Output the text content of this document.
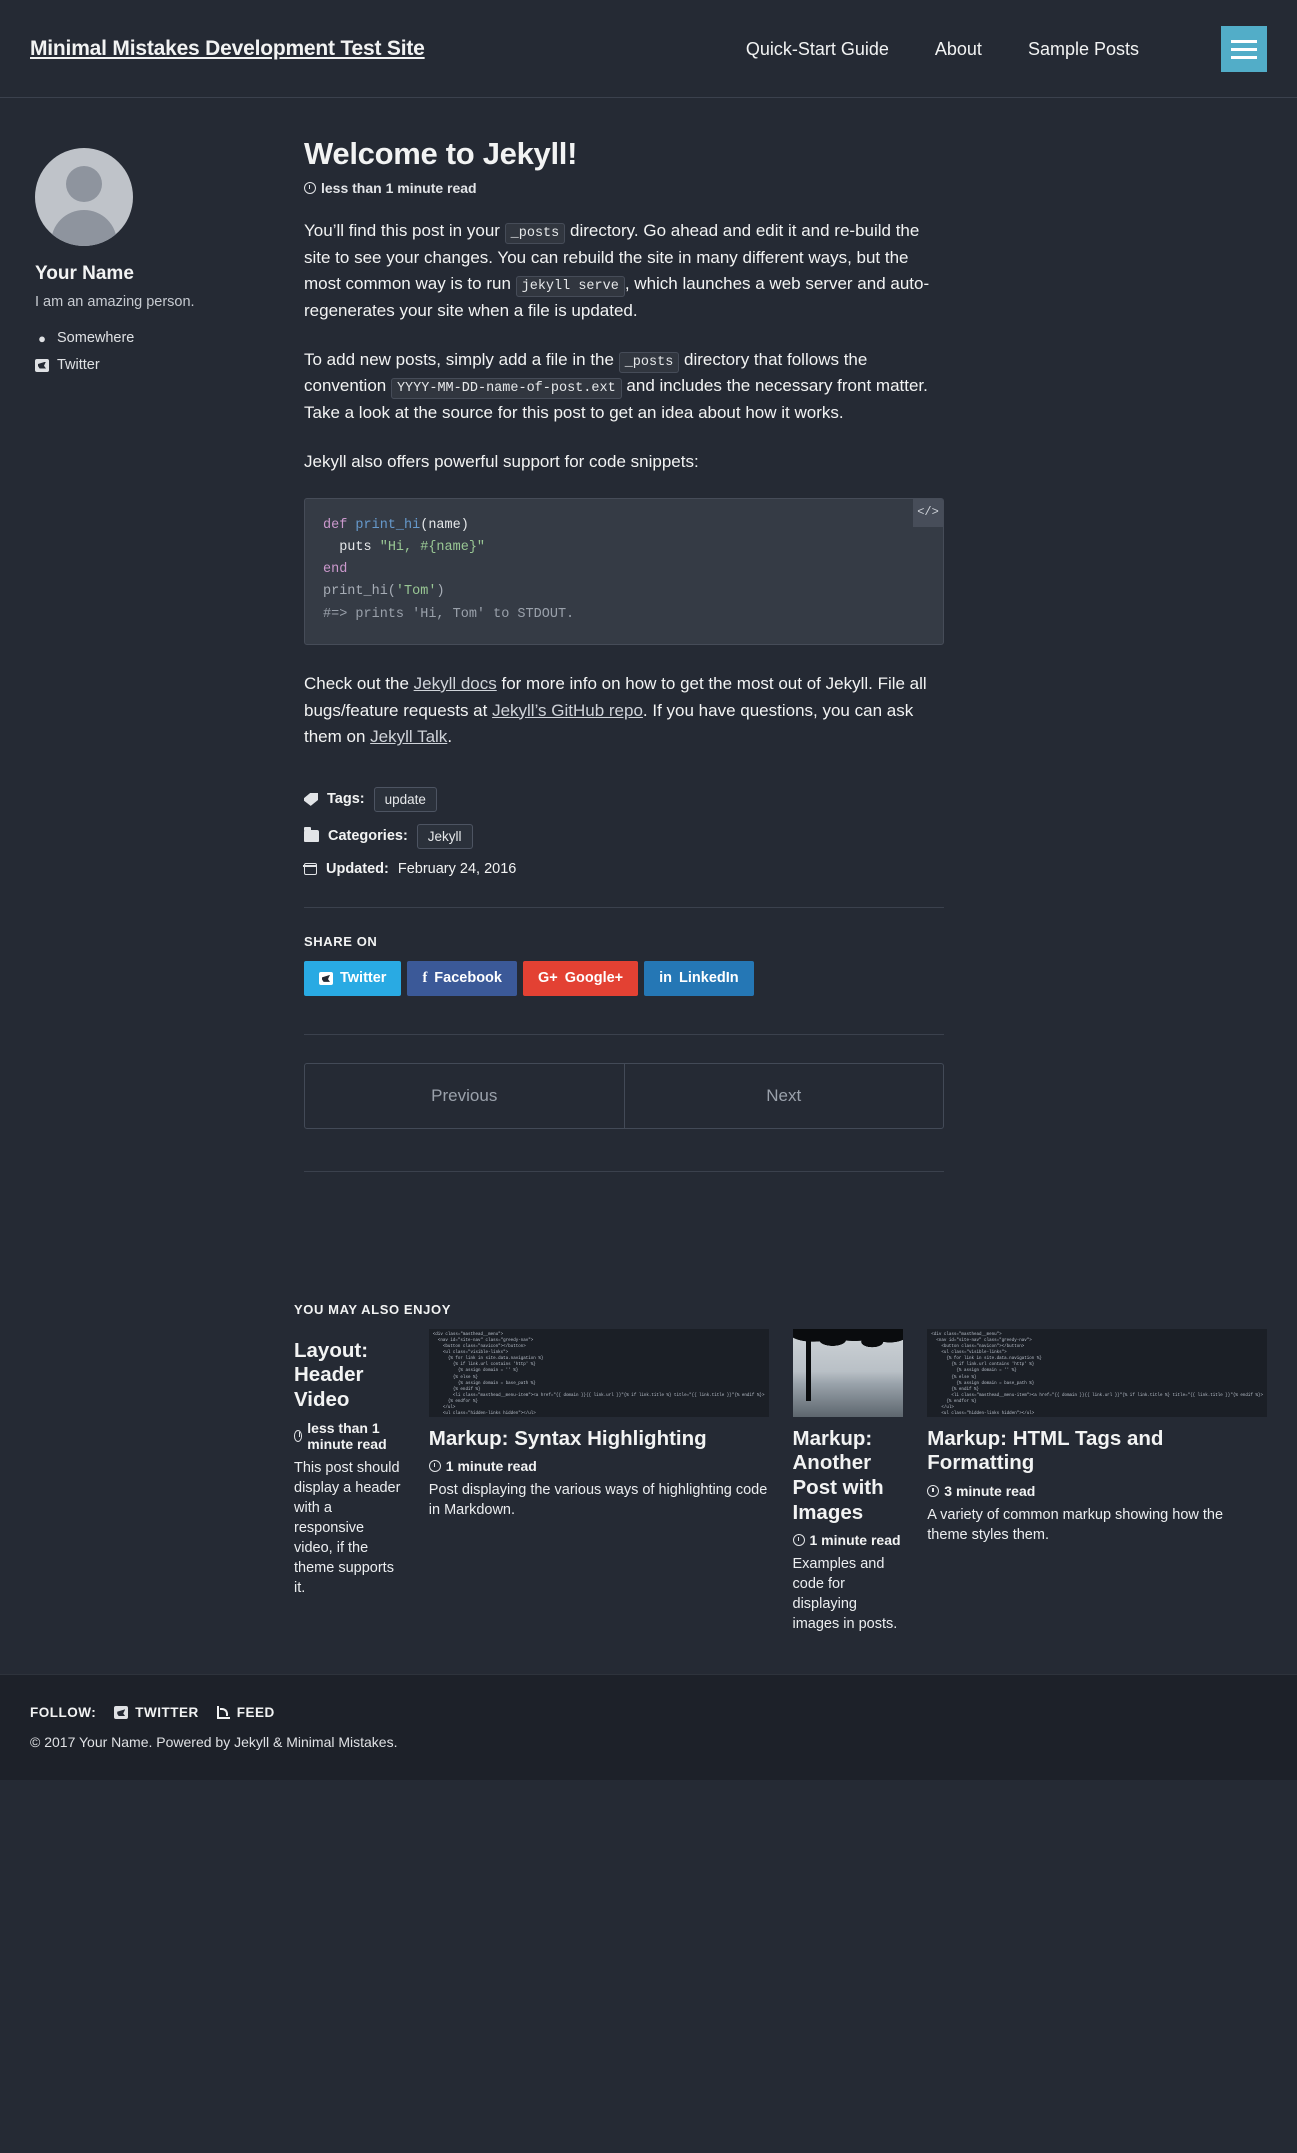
Minimal Mistakes Development Test Site	Quick-Start Guide	About	Sample Posts
Your Name

I am an amazing person.

● Somewhere
Twitter
Welcome to Jekyll!
less than 1 minute read

You’ll find this post in your _posts directory. Go ahead and edit it and re-build the site to see your changes. You can rebuild the site in many different ways, but the most common way is to run jekyll serve , which launches a web server and auto-regenerates your site when a file is updated.

To add new posts, simply add a file in the _posts directory that follows the convention YYYY-MM-DD-name-of-post.ext and includes the necessary front matter. Take a look at the source for this post to get an idea about how it works.

Jekyll also offers powerful support for code snippets:

</>
def print_hi(name)
puts "Hi, #{name}"
end
print_hi('Tom')
#=> prints 'Hi, Tom' to STDOUT.

Check out the Jekyll docs for more info on how to get the most out of Jekyll. File all bugs/feature requests at Jekyll’s GitHub repo. If you have questions, you can ask them on Jekyll Talk.

Tags:	update
Categories:	Jekyll
Updated: February 24, 2016
SHARE ON
Twitter f Facebook G+ Google+ in LinkedIn
Previous	Next
YOU MAY ALSO ENJOY
Layout: Header Video
less than 1 minute read

This post should display a header with a responsive video, if the theme supports it.

<div class="masthead__menu">
<nav id="site-nav" class="greedy-nav">
<button class="navicon"></button>
<ul class="visible-links">
{% for link in site.data.navigation %}
{% if link.url contains 'http' %}
{% assign domain = '' %}
{% else %}
{% assign domain = base_path %}
{% endif %}
<li class="masthead__menu-item"><a href="{{ domain }}{{ link.url }}"{% if link.title %} title="{{ link.title }}"{% endif %}>
{% endfor %}
</ul>
<ul class="hidden-links hidden"></ul>
Markup: Syntax Highlighting
1 minute read

Post displaying the various ways of highlighting code in Markdown.

Markup: Another Post with Images
1 minute read

Examples and code for displaying images in posts.

<div class="masthead__menu">
<nav id="site-nav" class="greedy-nav">
<button class="navicon"></button>
<ul class="visible-links">
{% for link in site.data.navigation %}
{% if link.url contains 'http' %}
{% assign domain = '' %}
{% else %}
{% assign domain = base_path %}
{% endif %}
<li class="masthead__menu-item"><a href="{{ domain }}{{ link.url }}"{% if link.title %} title="{{ link.title }}"{% endif %}>
{% endfor %}
</ul>
<ul class="hidden-links hidden"></ul>
Markup: HTML Tags and Formatting
3 minute read

A variety of common markup showing how the theme styles them.

FOLLOW:	TWITTER	FEED
© 2017 Your Name. Powered by Jekyll & Minimal Mistakes.
